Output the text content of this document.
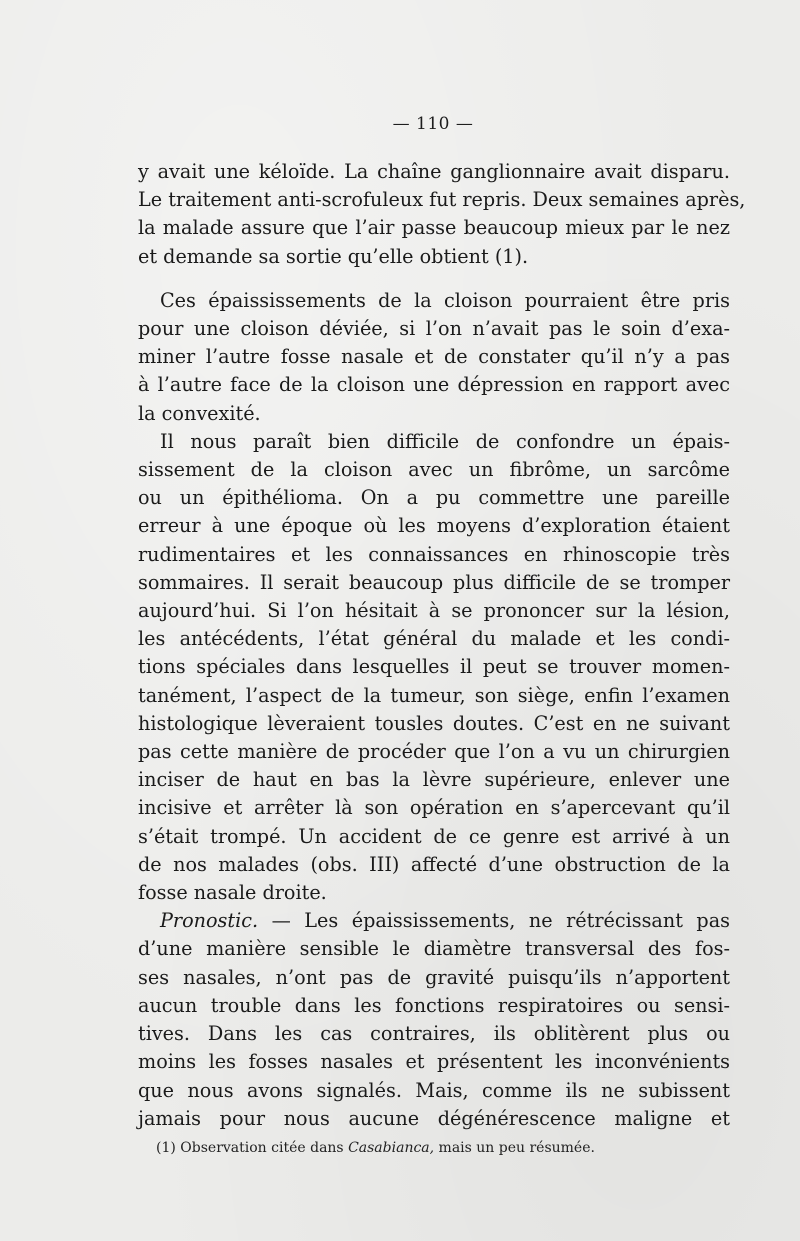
— 110 —

y avait une kéloïde. La chaîne ganglionnaire avait disparu.
Le traitement anti-scrofuleux fut repris. Deux semaines après,
la malade assure que l’air passe beaucoup mieux par le nez
et demande sa sortie qu’elle obtient (1).

Ces épaississements de la cloison pourraient être pris
pour une cloison déviée, si l’on n’avait pas le soin d’exa-
miner l’autre fosse nasale et de constater qu’il n’y a pas
à l’autre face de la cloison une dépression en rapport avec
la convexité.

Il nous paraît bien difficile de confondre un épais-
sissement de la cloison avec un fibrôme, un sarcôme
ou un épithélioma. On a pu commettre une pareille
erreur à une époque où les moyens d’exploration étaient
rudimentaires et les connaissances en rhinoscopie très
sommaires. Il serait beaucoup plus difficile de se tromper
aujourd’hui. Si l’on hésitait à se prononcer sur la lésion,
les antécédents, l’état général du malade et les condi-
tions spéciales dans lesquelles il peut se trouver momen-
tanément, l’aspect de la tumeur, son siège, enfin l’examen
histologique lèveraient tousles doutes. C’est en ne suivant
pas cette manière de procéder que l’on a vu un chirurgien
inciser de haut en bas la lèvre supérieure, enlever une
incisive et arrêter là son opération en s’apercevant qu’il
s’était trompé. Un accident de ce genre est arrivé à un
de nos malades (obs. III) affecté d’une obstruction de la
fosse nasale droite.

Pronostic. — Les épaississements, ne rétrécissant pas
d’une manière sensible le diamètre transversal des fos-
ses nasales, n’ont pas de gravité puisqu’ils n’apportent
aucun trouble dans les fonctions respiratoires ou sensi-
tives. Dans les cas contraires, ils oblitèrent plus ou
moins les fosses nasales et présentent les inconvénients
que nous avons signalés. Mais, comme ils ne subissent
jamais pour nous aucune dégénérescence maligne et

(1) Observation citée dans Casabianca, mais un peu résumée.
